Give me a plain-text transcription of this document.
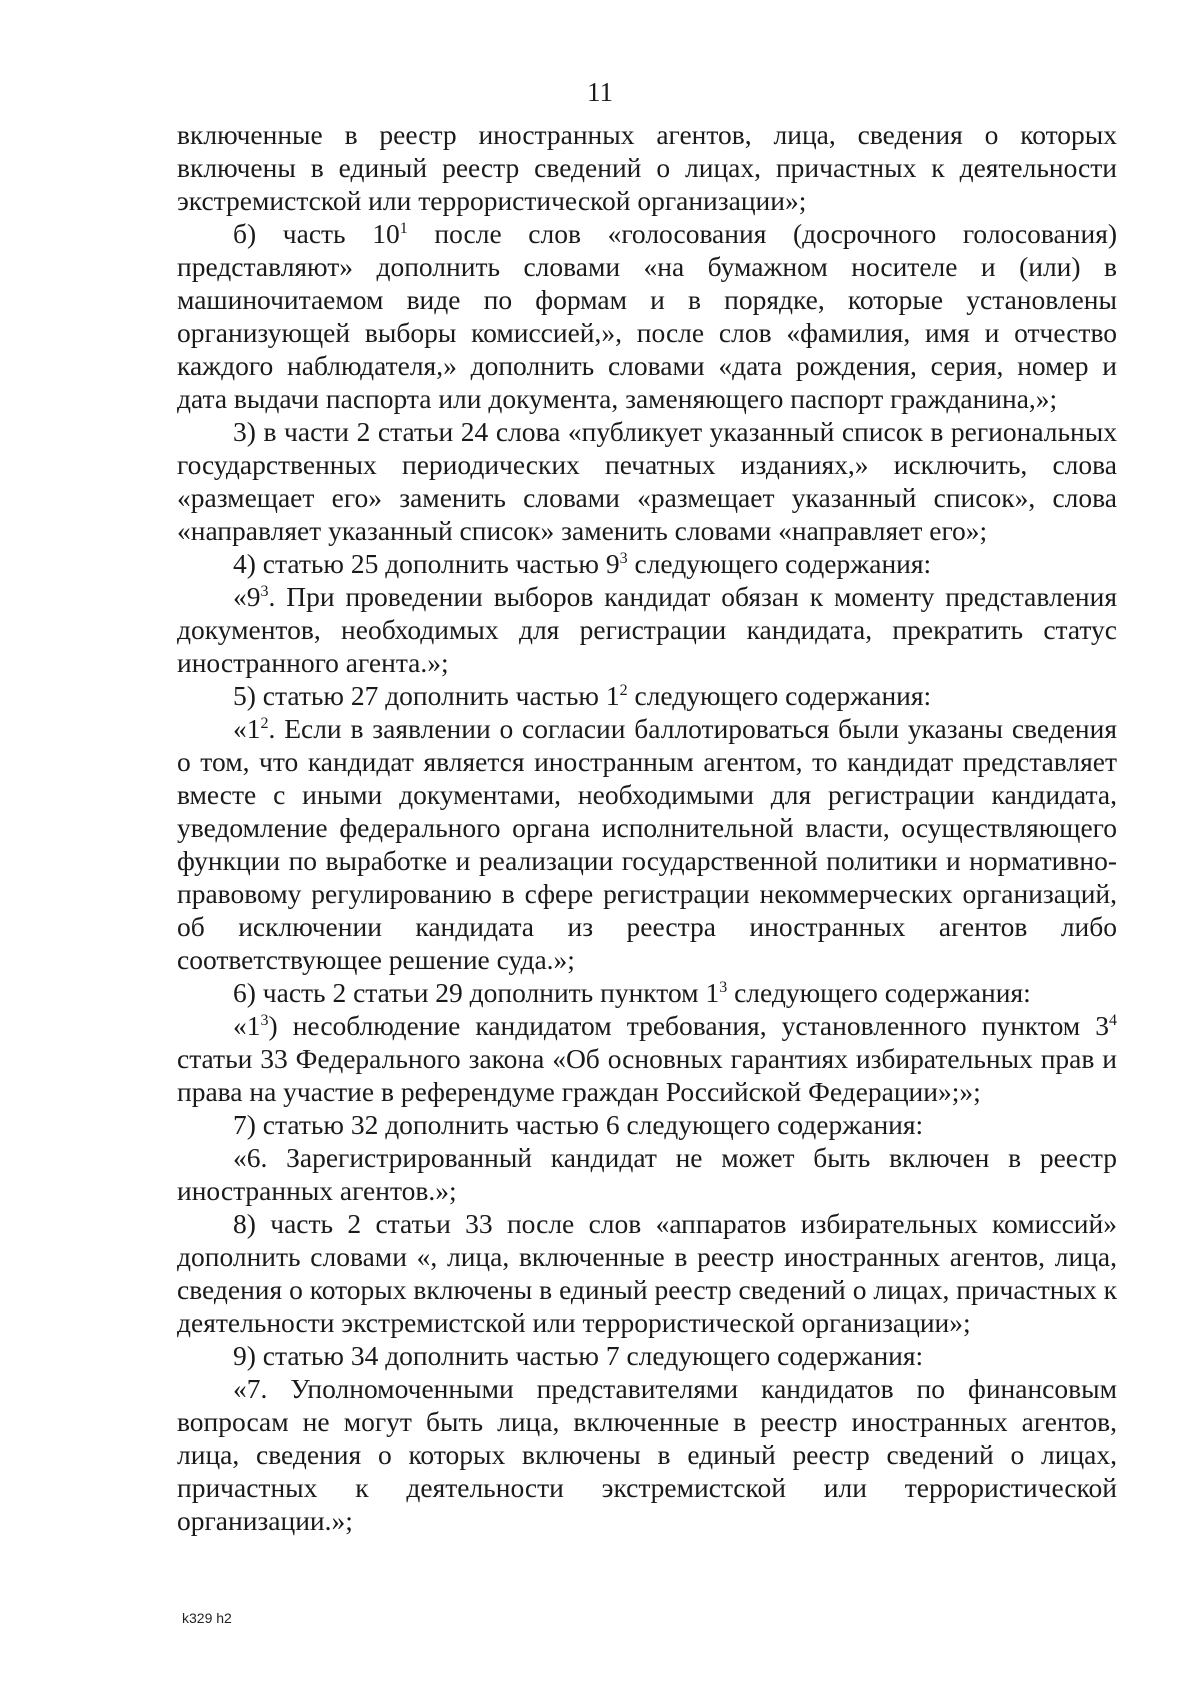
11

включенные в реестр иностранных агентов, лица, сведения о которых включены в единый реестр сведений о лицах, причастных к деятельности экстремистской или террористической организации»;

б) часть $10^1$ после слов «голосования (досрочного голосования) представляют» дополнить словами «на бумажном носителе и (или) в машиночитаемом виде по формам и в порядке, которые установлены организующей выборы комиссией,», после слов «фамилия, имя и отчество каждого наблюдателя,» дополнить словами «дата рождения, серия, номер и дата выдачи паспорта или документа, заменяющего паспорт гражданина,»;

3) в части 2 статьи 24 слова «публикует указанный список в региональных государственных периодических печатных изданиях,» исключить, слова «размещает его» заменить словами «размещает указанный список», слова «направляет указанный список» заменить словами «направляет его»;

4) статью 25 дополнить частью $9^3$ следующего содержания:

«$9^3$. При проведении выборов кандидат обязан к моменту представления документов, необходимых для регистрации кандидата, прекратить статус иностранного агента.»;

5) статью 27 дополнить частью $1^2$ следующего содержания:

«$1^2$. Если в заявлении о согласии баллотироваться были указаны сведения о том, что кандидат является иностранным агентом, то кандидат представляет вместе с иными документами, необходимыми для регистрации кандидата, уведомление федерального органа исполнительной власти, осуществляющего функции по выработке и реализации государственной политики и нормативно-правовому регулированию в сфере регистрации некоммерческих организаций, об исключении кандидата из реестра иностранных агентов либо соответствующее решение суда.»;

6) часть 2 статьи 29 дополнить пунктом $1^3$ следующего содержания:

«$1^3$) несоблюдение кандидатом требования, установленного пунктом $3^4$ статьи 33 Федерального закона «Об основных гарантиях избирательных прав и права на участие в референдуме граждан Российской Федерации»;»;

7) статью 32 дополнить частью 6 следующего содержания:

«6. Зарегистрированный кандидат не может быть включен в реестр иностранных агентов.»;

8) часть 2 статьи 33 после слов «аппаратов избирательных комиссий» дополнить словами «, лица, включенные в реестр иностранных агентов, лица, сведения о которых включены в единый реестр сведений о лицах, причастных к деятельности экстремистской или террористической организации»;

9) статью 34 дополнить частью 7 следующего содержания:

«7. Уполномоченными представителями кандидатов по финансовым вопросам не могут быть лица, включенные в реестр иностранных агентов, лица, сведения о которых включены в единый реестр сведений о лицах, причастных к деятельности экстремистской или террористической организации.»;

k329 h2
